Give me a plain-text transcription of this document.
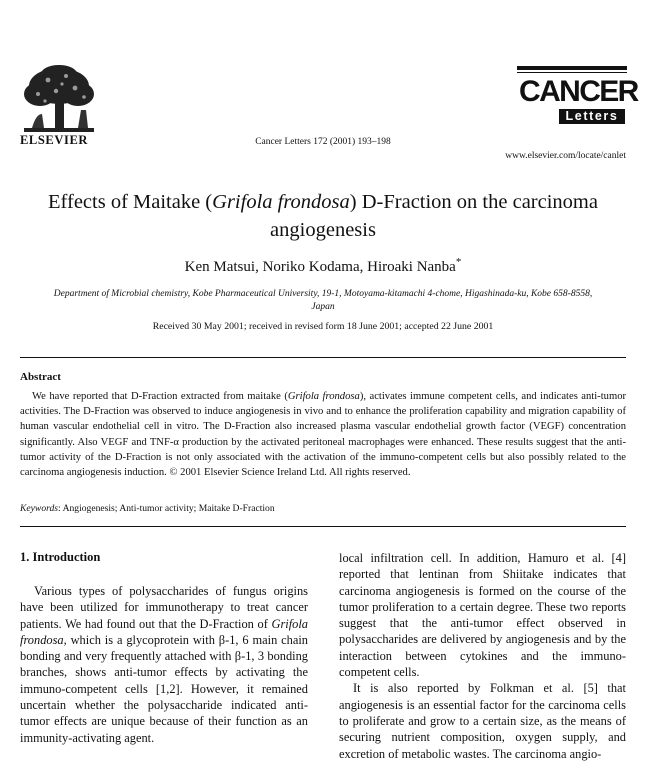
ELSEVIER	Cancer Letters 172 (2001) 193–198
CANCER
Letters
www.elsevier.com/locate/canlet
Effects of Maitake (Grifola frondosa) D-Fraction on the carcinoma angiogenesis
Ken Matsui, Noriko Kodama, Hiroaki Nanba*
Department of Microbial chemistry, Kobe Pharmaceutical University, 19-1, Motoyama-kitamachi 4-chome, Higashinada-ku, Kobe 658-8558, Japan
Received 30 May 2001; received in revised form 18 June 2001; accepted 22 June 2001
Abstract
We have reported that D-Fraction extracted from maitake (Grifola frondosa), activates immune competent cells, and indicates anti-tumor activities. The D-Fraction was observed to induce angiogenesis in vivo and to enhance the proliferation capability and migration capability of human vascular endothelial cell in vitro. The D-Fraction also increased plasma vascular endothelial growth factor (VEGF) concentration significantly. Also VEGF and TNF-α production by the activated peritoneal macrophages were enhanced. These results suggest that the anti-tumor activity of the D-Fraction is not only associated with the activation of the immuno-competent cells but also possibly related to the carcinoma angiogenesis induction. © 2001 Elsevier Science Ireland Ltd. All rights reserved.
Keywords: Angiogenesis; Anti-tumor activity; Maitake D-Fraction
1. Introduction

Various types of polysaccharides of fungus origins have been utilized for immunotherapy to treat cancer patients. We had found out that the D-Fraction of Grifola frondosa, which is a glycoprotein with β-1, 6 main chain bonding and very frequently attached with β-1, 3 bonding branches, shows anti-tumor effects by activating the immuno-competent cells [1,2]. However, it remained uncertain whether the polysaccharide indicated anti-tumor effects are unique because of their function as an immunity-activating agent.

local infiltration cell. In addition, Hamuro et al. [4] reported that lentinan from Shiitake indicates that carcinoma angiogenesis is formed on the course of the tumor proliferation to a certain degree. These two reports suggest that the anti-tumor effect observed in polysaccharides are delivered by angiogenesis and by the interaction between cytokines and the immuno-competent cells.

It is also reported by Folkman et al. [5] that angiogenesis is an essential factor for the carcinoma cells to proliferate and grow to a certain size, as the means of securing nutrient composition, oxygen supply, and excretion of metabolic wastes. The carcinoma angio-
